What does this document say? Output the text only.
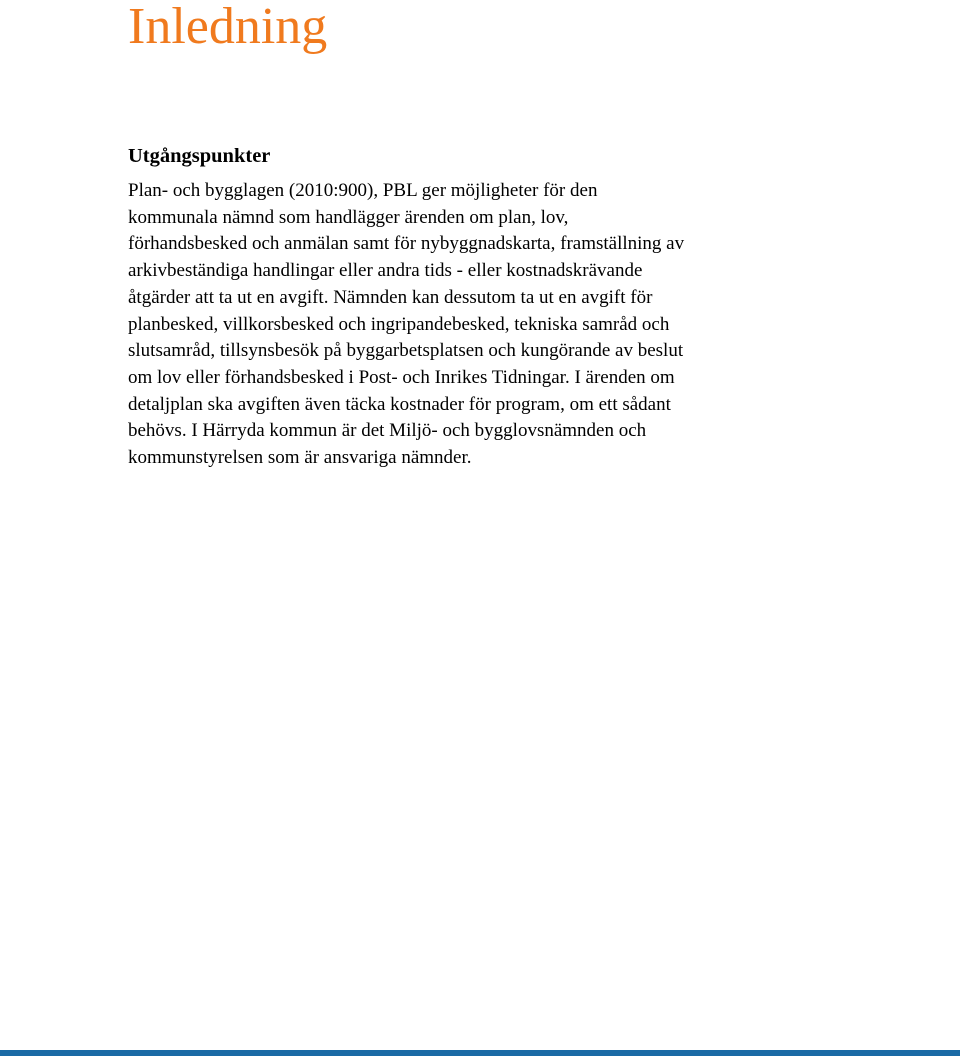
Inledning
Utgångspunkter

Plan- och bygglagen (2010:900), PBL ger möjligheter för den
kommunala nämnd som handlägger ärenden om plan, lov,
förhandsbesked och anmälan samt för nybyggnadskarta, framställning av
arkivbeständiga handlingar eller andra tids - eller kostnadskrävande
åtgärder att ta ut en avgift. Nämnden kan dessutom ta ut en avgift för
planbesked, villkorsbesked och ingripandebesked, tekniska samråd och
slutsamråd, tillsynsbesök på byggarbetsplatsen och kungörande av beslut
om lov eller förhandsbesked i Post- och Inrikes Tidningar. I ärenden om
detaljplan ska avgiften även täcka kostnader för program, om ett sådant
behövs. I Härryda kommun är det Miljö- och bygglovsnämnden och
kommunstyrelsen som är ansvariga nämnder.
